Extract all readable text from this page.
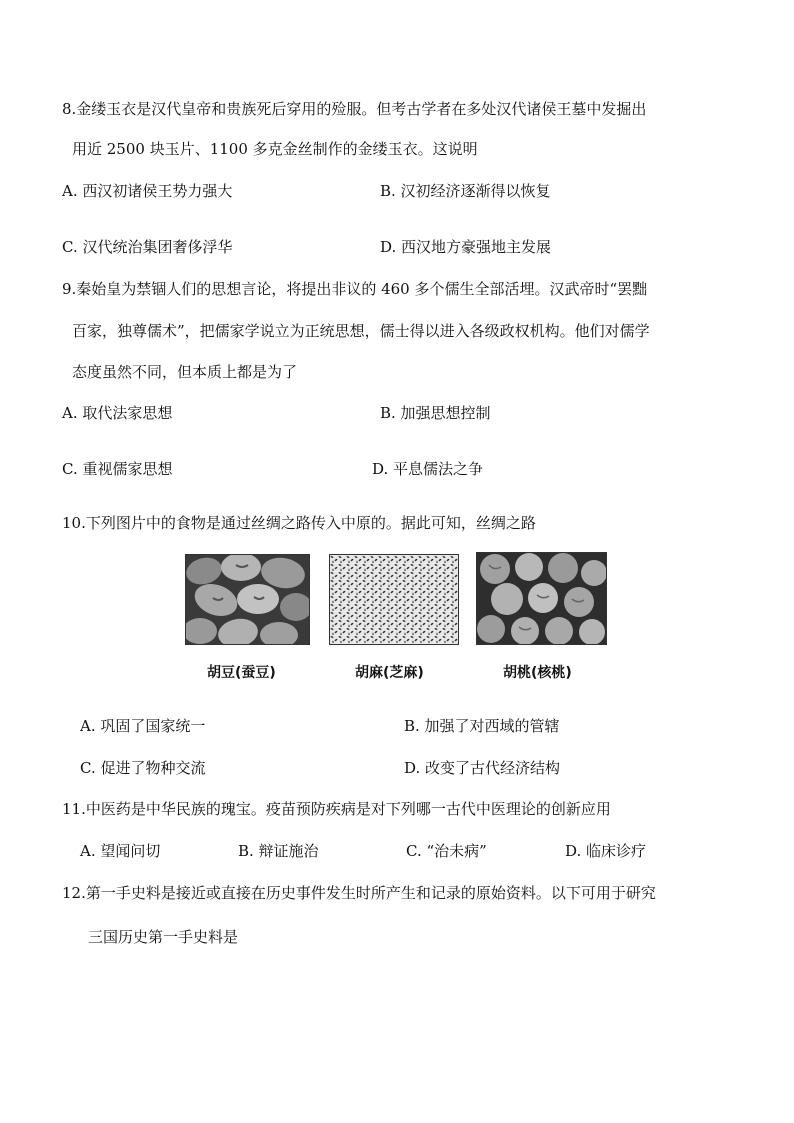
8.金缕玉衣是汉代皇帝和贵族死后穿用的殓服。但考古学者在多处汉代诸侯王墓中发掘出
用近 2500 块玉片、1100 多克金丝制作的金缕玉衣。这说明
A. 西汉初诸侯王势力强大	B. 汉初经济逐渐得以恢复
C. 汉代统治集团奢侈浮华	D. 西汉地方豪强地主发展
9.秦始皇为禁锢人们的思想言论，将提出非议的 460 多个儒生全部活埋。汉武帝时“罢黜
百家，独尊儒术”，把儒家学说立为正统思想，儒士得以进入各级政权机构。他们对儒学
态度虽然不同，但本质上都是为了
A. 取代法家思想	B. 加强思想控制
C. 重视儒家思想	D. 平息儒法之争
10.下列图片中的食物是通过丝绸之路传入中原的。据此可知，丝绸之路
胡豆(蚕豆)	胡麻(芝麻)	胡桃(核桃)
A. 巩固了国家统一	B. 加强了对西域的管辖
C. 促进了物种交流	D. 改变了古代经济结构
11.中医药是中华民族的瑰宝。疫苗预防疾病是对下列哪一古代中医理论的创新应用
A. 望闻问切	B. 辩证施治	C. “治未病”	D. 临床诊疗
12.第一手史料是接近或直接在历史事件发生时所产生和记录的原始资料。以下可用于研究
三国历史第一手史料是
